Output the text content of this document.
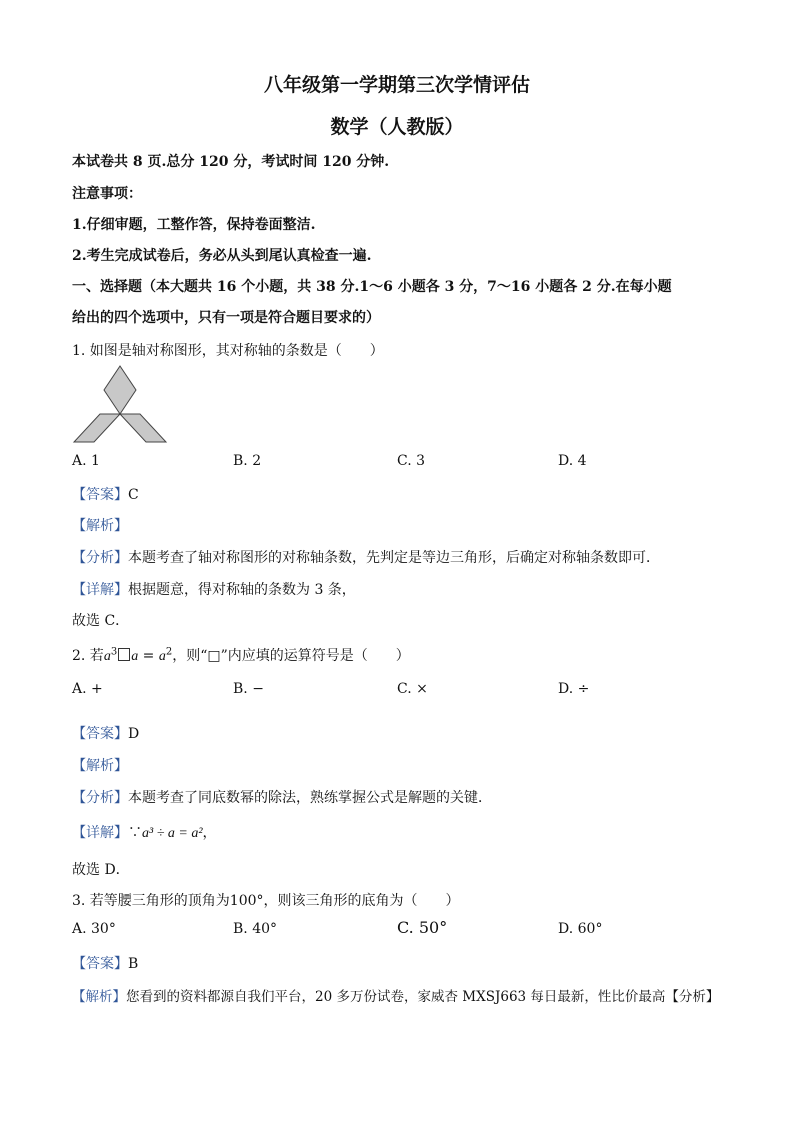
八年级第一学期第三次学情评估
数学（人教版）
本试卷共 8 页.总分 120 分，考试时间 120 分钟.
注意事项：
1.仔细审题，工整作答，保持卷面整洁.
2.考生完成试卷后，务必从头到尾认真检查一遍.
一、选择题（本大题共 16 个小题，共 38 分.1～6 小题各 3 分，7～16 小题各 2 分.在每小题
给出的四个选项中，只有一项是符合题目要求的）
1. 如图是轴对称图形，其对称轴的条数是（　　）
A. 1	B. 2	C. 3	D. 4
【答案】C
【解析】
【分析】本题考查了轴对称图形的对称轴条数，先判定是等边三角形，后确定对称轴条数即可．
【详解】根据题意，得对称轴的条数为 3 条，
故选 C．
2. 若$a^3$ $a = a^2$，则“□”内应填的运算符号是（　　）
A. +	B. −	C. ×	D. ÷
【答案】D
【解析】
【分析】本题考查了同底数幂的除法，熟练掌握公式是解题的关键．
【详解】∵a³ ÷ a = a²，
故选 D．
3. 若等腰三角形的顶角为100°，则该三角形的底角为（　　）
A. 30°	B. 40°	C. 50°	D. 60°
【答案】B
【解析】您看到的资料都源自我们平台，20 多万份试卷，家威杏 MXSJ663 每日最新，性比价最高【分析】
